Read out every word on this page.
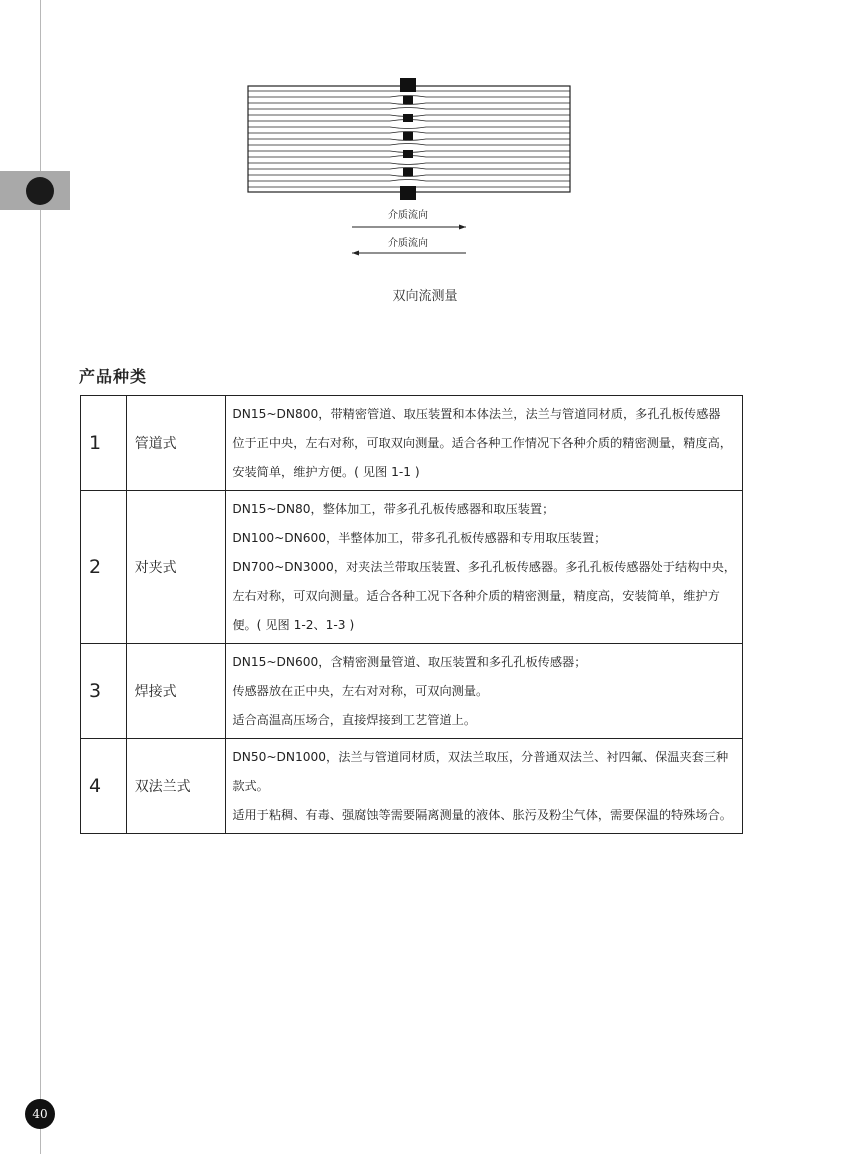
介质流向
介质流向
双向流测量
产品种类
1	管道式	DN15~DN800，带精密管道、取压装置和本体法兰，法兰与管道同材质，多孔孔板传感器
位于正中央，左右对称，可取双向测量。适合各种工作情况下各种介质的精密测量，精度高，
安装简单，维护方便。( 见图 1-1 )

2	对夹式	DN15~DN80，整体加工，带多孔孔板传感器和取压装置；
DN100~DN600，半整体加工，带多孔孔板传感器和专用取压装置；
DN700~DN3000，对夹法兰带取压装置、多孔孔板传感器。多孔孔板传感器处于结构中央，
左右对称，可双向测量。适合各种工况下各种介质的精密测量，精度高，安装简单，维护方
便。( 见图 1-2、1-3 )

3	焊接式	DN15~DN600，含精密测量管道、取压装置和多孔孔板传感器；
传感器放在正中央，左右对对称，可双向测量。
适合高温高压场合，直接焊接到工艺管道上。

4	双法兰式	DN50~DN1000，法兰与管道同材质，双法兰取压，分普通双法兰、衬四氟、保温夹套三种
款式。
适用于粘稠、有毒、强腐蚀等需要隔离测量的液体、胀污及粉尘气体，需要保温的特殊场合。
40
